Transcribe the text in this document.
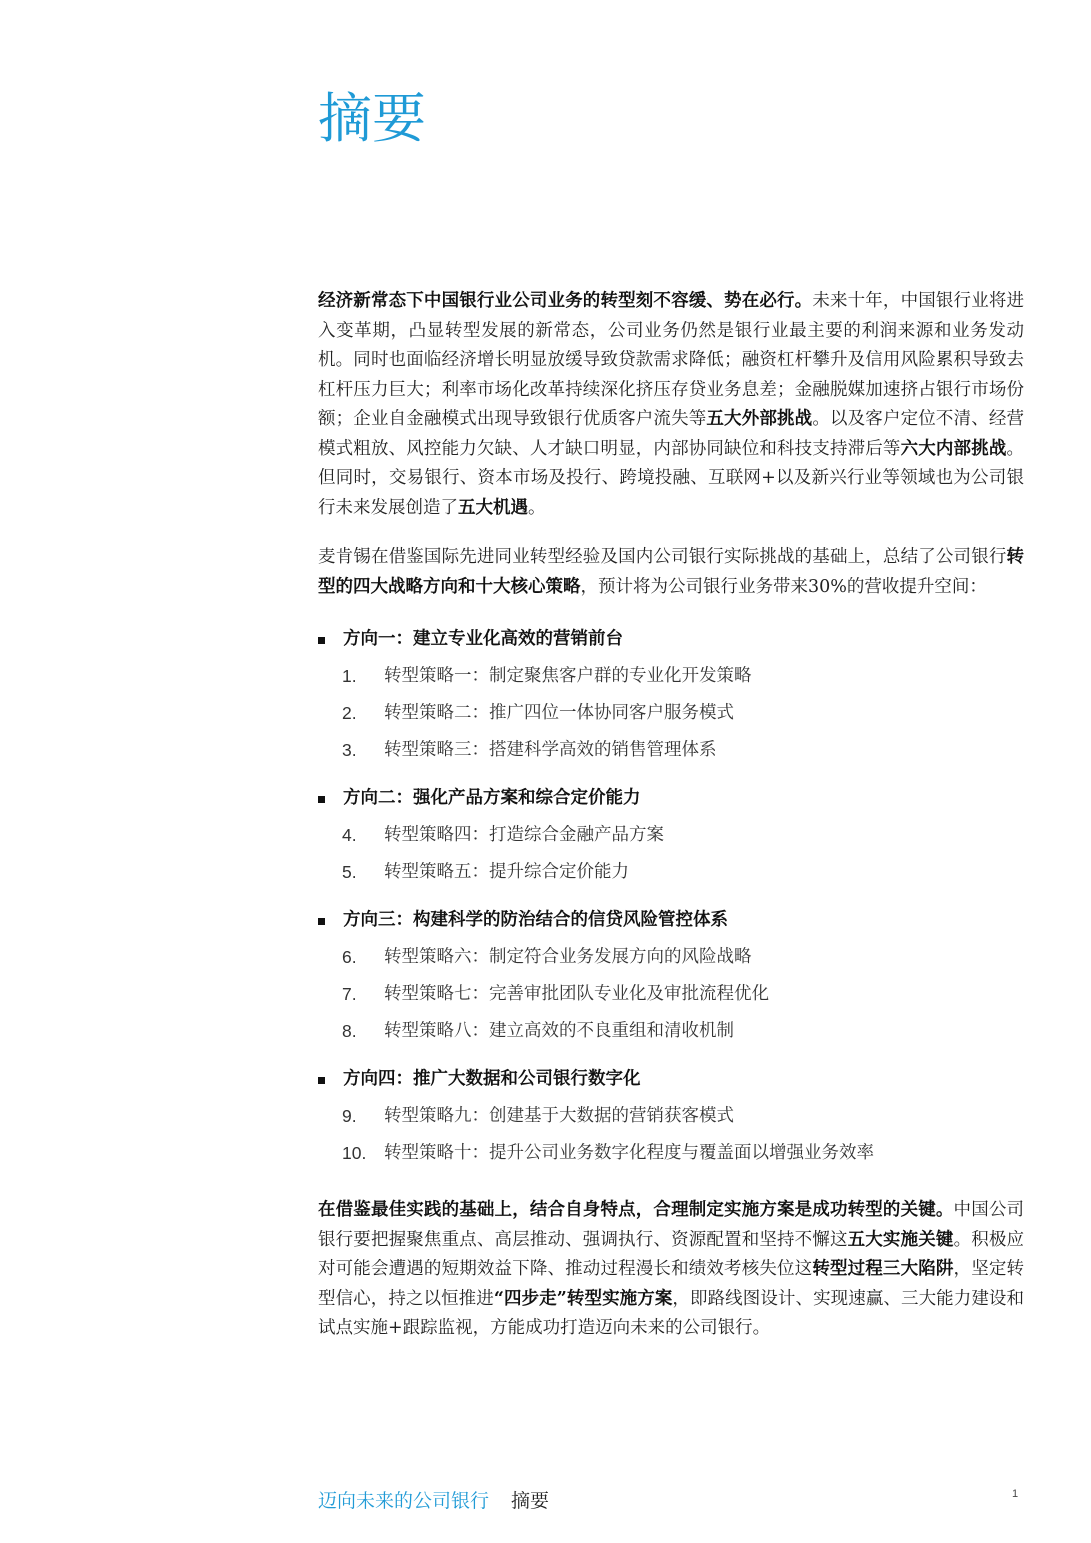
摘要

经济新常态下中国银行业公司业务的转型刻不容缓、势在必行。未来十年，中国银行业将进入变革期，凸显转型发展的新常态，公司业务仍然是银行业最主要的利润来源和业务发动机。同时也面临经济增长明显放缓导致贷款需求降低；融资杠杆攀升及信用风险累积导致去杠杆压力巨大；利率市场化改革持续深化挤压存贷业务息差；金融脱媒加速挤占银行市场份额；企业自金融模式出现导致银行优质客户流失等五大外部挑战。以及客户定位不清、经营模式粗放、风控能力欠缺、人才缺口明显，内部协同缺位和科技支持滞后等六大内部挑战。但同时，交易银行、资本市场及投行、跨境投融、互联网+以及新兴行业等领域也为公司银行未来发展创造了五大机遇。

麦肯锡在借鉴国际先进同业转型经验及国内公司银行实际挑战的基础上，总结了公司银行转型的四大战略方向和十大核心策略，预计将为公司银行业务带来30%的营收提升空间：

方向一：建立专业化高效的营销前台
1.	转型策略一：制定聚焦客户群的专业化开发策略
2.	转型策略二：推广四位一体协同客户服务模式
3.	转型策略三：搭建科学高效的销售管理体系
方向二：强化产品方案和综合定价能力
4.	转型策略四：打造综合金融产品方案
5.	转型策略五：提升综合定价能力
方向三：构建科学的防治结合的信贷风险管控体系
6.	转型策略六：制定符合业务发展方向的风险战略
7.	转型策略七：完善审批团队专业化及审批流程优化
8.	转型策略八：建立高效的不良重组和清收机制
方向四：推广大数据和公司银行数字化
9.	转型策略九：创建基于大数据的营销获客模式
10.	转型策略十：提升公司业务数字化程度与覆盖面以增强业务效率

在借鉴最佳实践的基础上，结合自身特点，合理制定实施方案是成功转型的关键。中国公司银行要把握聚焦重点、高层推动、强调执行、资源配置和坚持不懈这五大实施关键。积极应对可能会遭遇的短期效益下降、推动过程漫长和绩效考核失位这转型过程三大陷阱，坚定转型信心，持之以恒推进“四步走”转型实施方案，即路线图设计、实现速赢、三大能力建设和试点实施+跟踪监视，方能成功打造迈向未来的公司银行。

迈向未来的公司银行 摘要	1
